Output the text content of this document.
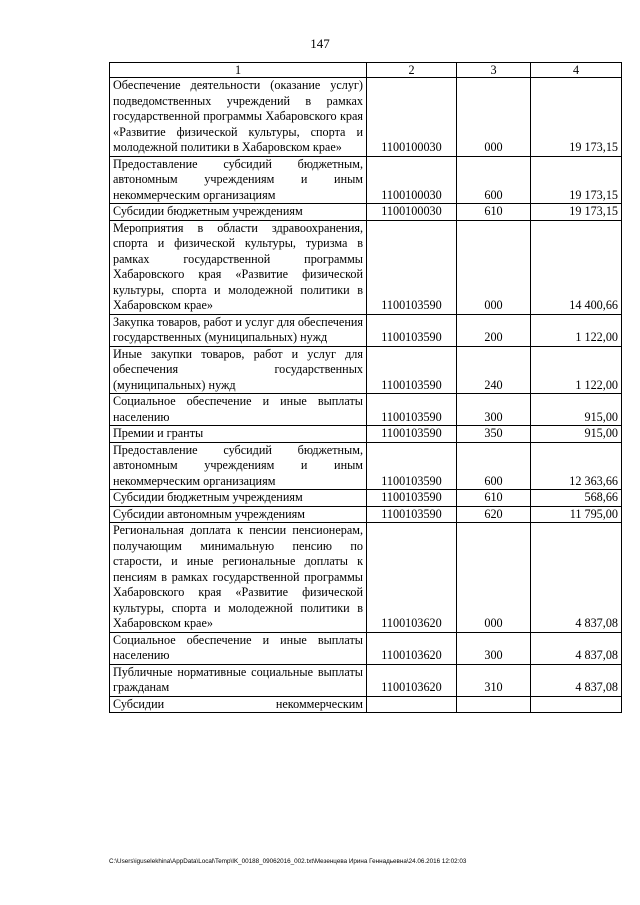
147
1	2	3	4
Обеспечение деятельности (оказание услуг) подведомственных учреждений в рамках государственной программы Хабаровского края «Развитие физической культуры, спорта и молодежной политики в Хабаровском крае»	1100100030	000	19 173,15
Предоставление субсидий бюджетным, автономным учреждениям и иным некоммерческим организациям	1100100030	600	19 173,15
Субсидии бюджетным учреждениям	1100100030	610	19 173,15
Мероприятия в области здравоохранения, спорта и физической культуры, туризма в рамках государственной программы Хабаровского края «Развитие физической культуры, спорта и молодежной политики в Хабаровском крае»	1100103590	000	14 400,66
Закупка товаров, работ и услуг для обеспечения государственных (муниципальных) нужд	1100103590	200	1 122,00
Иные закупки товаров, работ и услуг для обеспечения государственных (муниципальных) нужд	1100103590	240	1 122,00
Социальное обеспечение и иные выплаты населению	1100103590	300	915,00
Премии и гранты	1100103590	350	915,00
Предоставление субсидий бюджетным, автономным учреждениям и иным некоммерческим организациям	1100103590	600	12 363,66
Субсидии бюджетным учреждениям	1100103590	610	568,66
Субсидии автономным учреждениям	1100103590	620	11 795,00
Региональная доплата к пенсии пенсионерам, получающим минимальную пенсию по старости, и иные региональные доплаты к пенсиям в рамках государственной программы Хабаровского края «Развитие физической культуры, спорта и молодежной политики в Хабаровском крае»	1100103620	000	4 837,08
Социальное обеспечение и иные выплаты населению	1100103620	300	4 837,08
Публичные нормативные социальные выплаты гражданам	1100103620	310	4 837,08
Субсидии некоммерческим			
C:\Users\iguselekhina\AppData\Local\Temp\IK_00188_09062016_002.txt\Мезенцева Ирина Геннадьевна\24.06.2016 12:02:03
